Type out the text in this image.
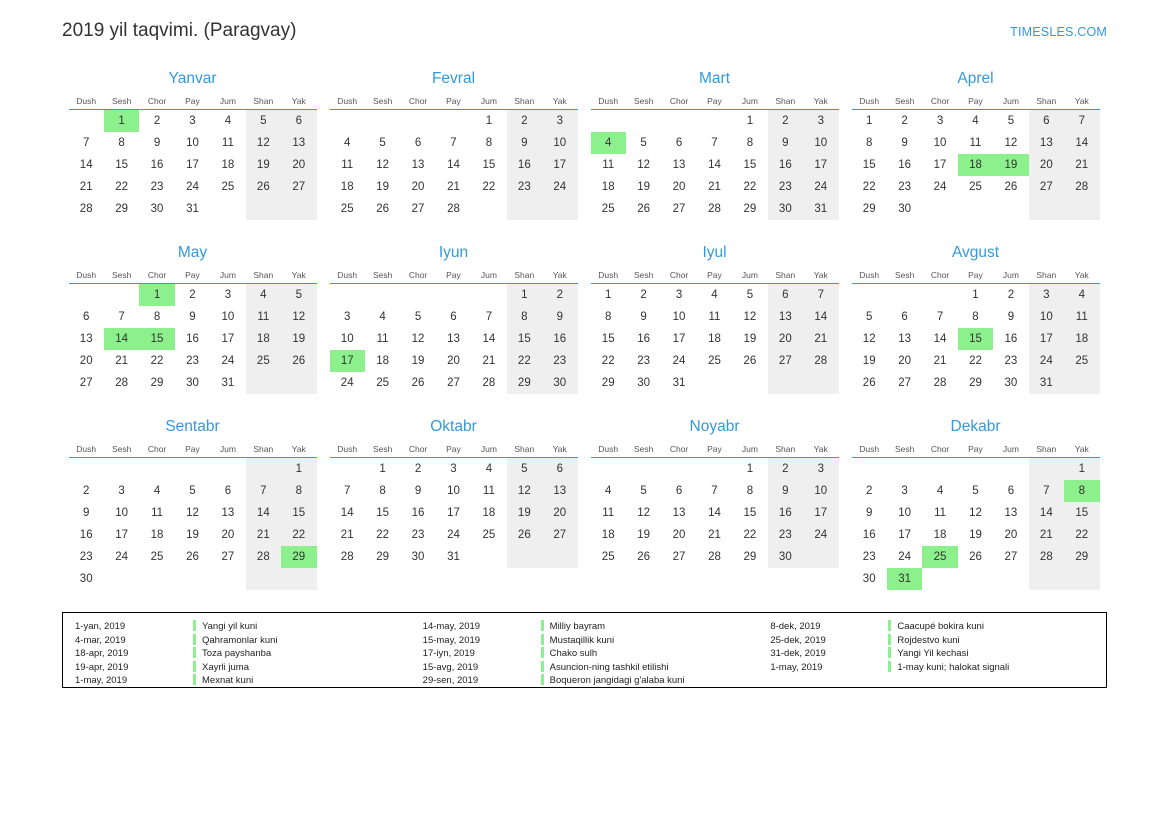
2019 yil taqvimi. (Paragvay)	TIMESLES.COM
Yanvar
Dush	Sesh	Chor	Pay	Jum	Shan	Yak

	1	2	3	4	5	6

7	8	9	10	11	12	13

14	15	16	17	18	19	20

21	22	23	24	25	26	27

28	29	30	31			
Fevral
Dush	Sesh	Chor	Pay	Jum	Shan	Yak
				1	2	3

4	5	6	7	8	9	10

11	12	13	14	15	16	17

18	19	20	21	22	23	24

25	26	27	28			
Mart
Dush	Sesh	Chor	Pay	Jum	Shan	Yak
				1	2	3

4	5	6	7	8	9	10

11	12	13	14	15	16	17

18	19	20	21	22	23	24

25	26	27	28	29	30	31
Aprel
Dush	Sesh	Chor	Pay	Jum	Shan	Yak
1	2	3	4	5	6	7

8	9	10	11	12	13	14

15	16	17	18	19	20	21

22	23	24	25	26	27	28

29	30					
May
Dush	Sesh	Chor	Pay	Jum	Shan	Yak

		1	2	3	4	5

6	7	8	9	10	11	12

13	14	15	16	17	18	19

20	21	22	23	24	25	26

27	28	29	30	31		
Iyun
Dush	Sesh	Chor	Pay	Jum	Shan	Yak

					1	2

3	4	5	6	7	8	9

10	11	12	13	14	15	16

17	18	19	20	21	22	23

24	25	26	27	28	29	30
Iyul
Dush	Sesh	Chor	Pay	Jum	Shan	Yak
1	2	3	4	5	6	7

8	9	10	11	12	13	14

15	16	17	18	19	20	21

22	23	24	25	26	27	28

29	30	31				
Avgust
Dush	Sesh	Chor	Pay	Jum	Shan	Yak
			1	2	3	4

5	6	7	8	9	10	11

12	13	14	15	16	17	18

19	20	21	22	23	24	25

26	27	28	29	30	31	

Sentabr
Dush	Sesh	Chor	Pay	Jum	Shan	Yak

						1

2	3	4	5	6	7	8

9	10	11	12	13	14	15

16	17	18	19	20	21	22

23	24	25	26	27	28	29

30						
Oktabr
Dush	Sesh	Chor	Pay	Jum	Shan	Yak
	1	2	3	4	5	6

7	8	9	10	11	12	13

14	15	16	17	18	19	20

21	22	23	24	25	26	27

28	29	30	31			
Noyabr
Dush	Sesh	Chor	Pay	Jum	Shan	Yak
				1	2	3

4	5	6	7	8	9	10

11	12	13	14	15	16	17

18	19	20	21	22	23	24

25	26	27	28	29	30	

Dekabr
Dush	Sesh	Chor	Pay	Jum	Shan	Yak

						1

2	3	4	5	6	7	8

9	10	11	12	13	14	15

16	17	18	19	20	21	22

23	24	25	26	27	28	29

30	31					

1-yan, 2019	Yangi yil kuni
4-mar, 2019	Qahramonlar kuni
18-apr, 2019	Toza payshanba
19-apr, 2019	Xayrli juma
1-may, 2019	Mexnat kuni
14-may, 2019	Milliy bayram
15-may, 2019	Mustaqillik kuni
17-iyn, 2019	Chako sulh
15-avg, 2019	Asuncion-ning tashkil etilishi
29-sen, 2019	Boqueron jangidagi g'alaba kuni
8-dek, 2019	Caacupé bokira kuni
25-dek, 2019	Rojdestvo kuni
31-dek, 2019	Yangi Yil kechasi
1-may, 2019	1-may kuni; halokat signali
